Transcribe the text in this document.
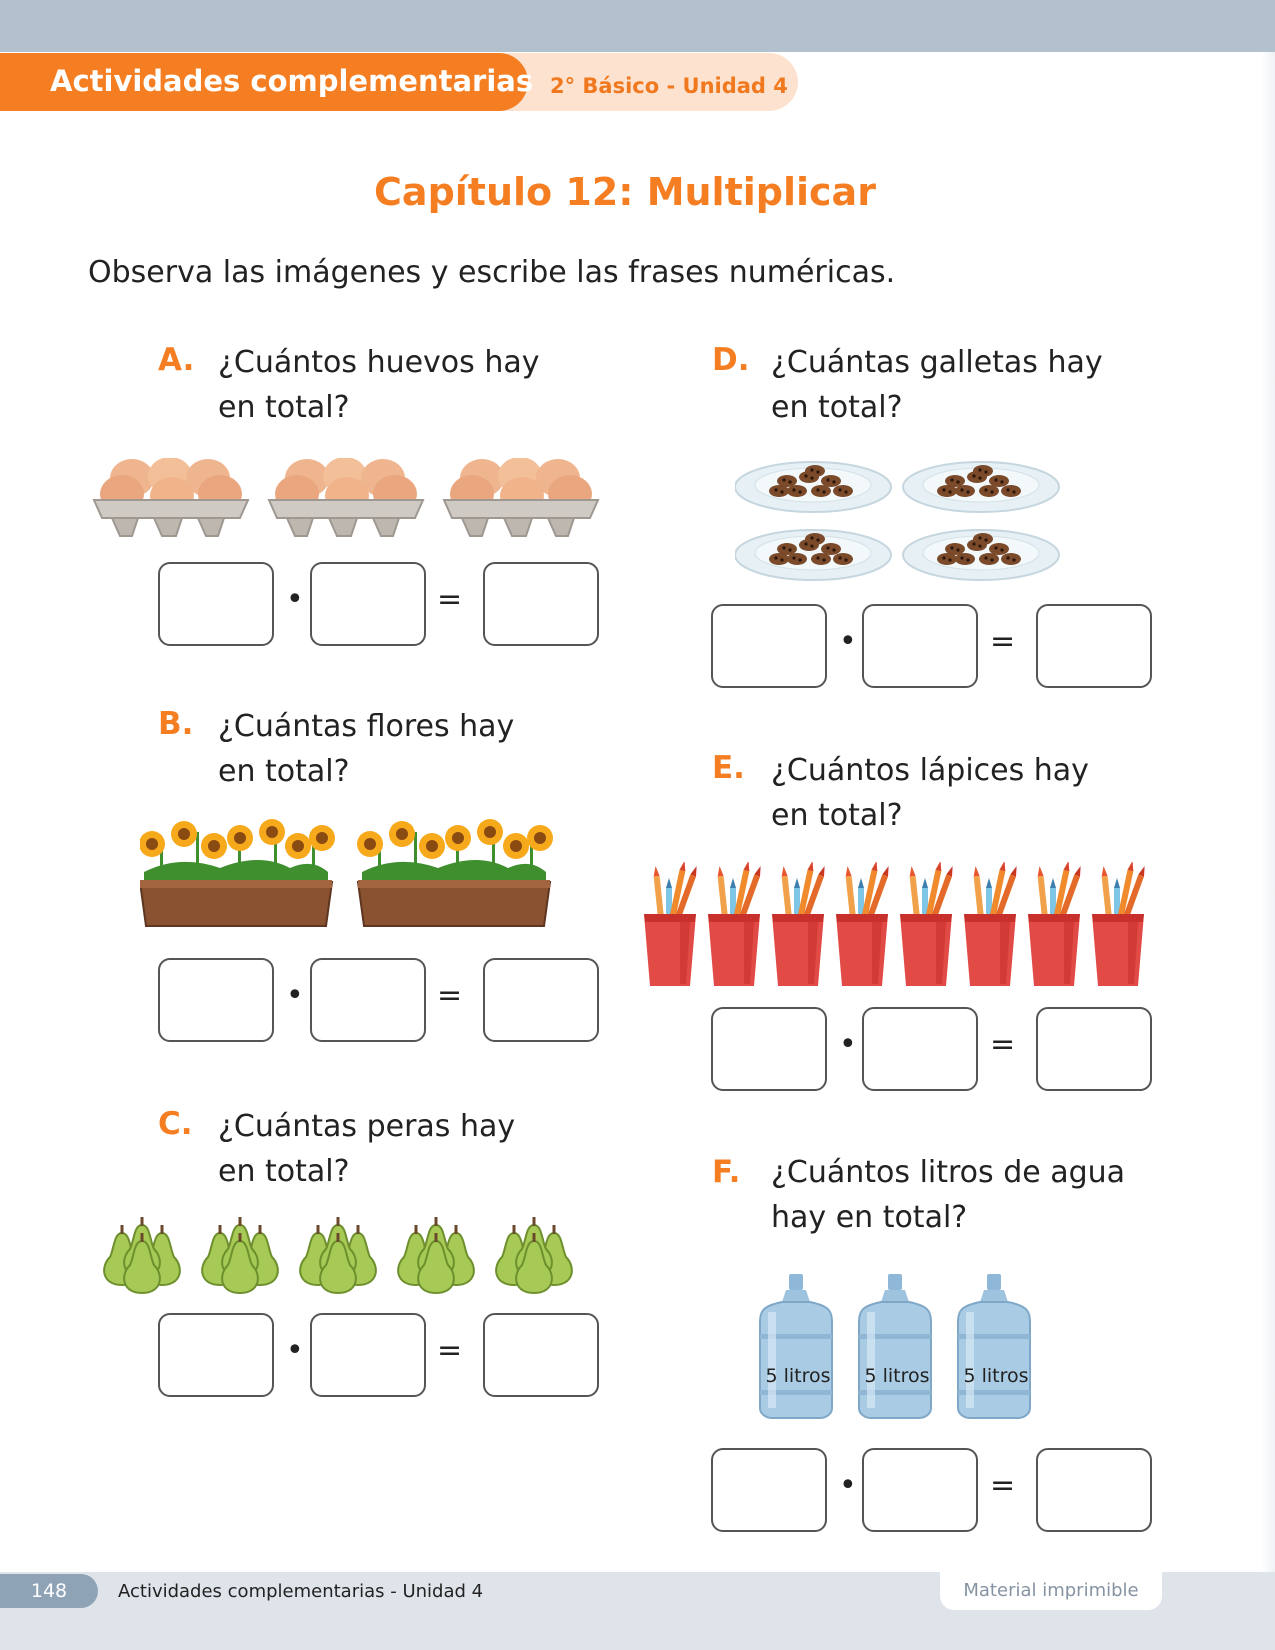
Actividades complementarias 2° Básico - Unidad 4
Capítulo 12: Multiplicar
Observa las imágenes y escribe las frases numéricas.
A. ¿Cuántos huevos hay
en total?
•	=
B. ¿Cuántas flores hay
en total?
•	=
C. ¿Cuántas peras hay
en total?
•	=
D. ¿Cuántas galletas hay
en total?
•	=
E. ¿Cuántos lápices hay
en total?
•	=
F. ¿Cuántos litros de agua
hay en total?
5 litros 5 litros 5 litros
•	=
148	Actividades complementarias - Unidad 4	Material imprimible
